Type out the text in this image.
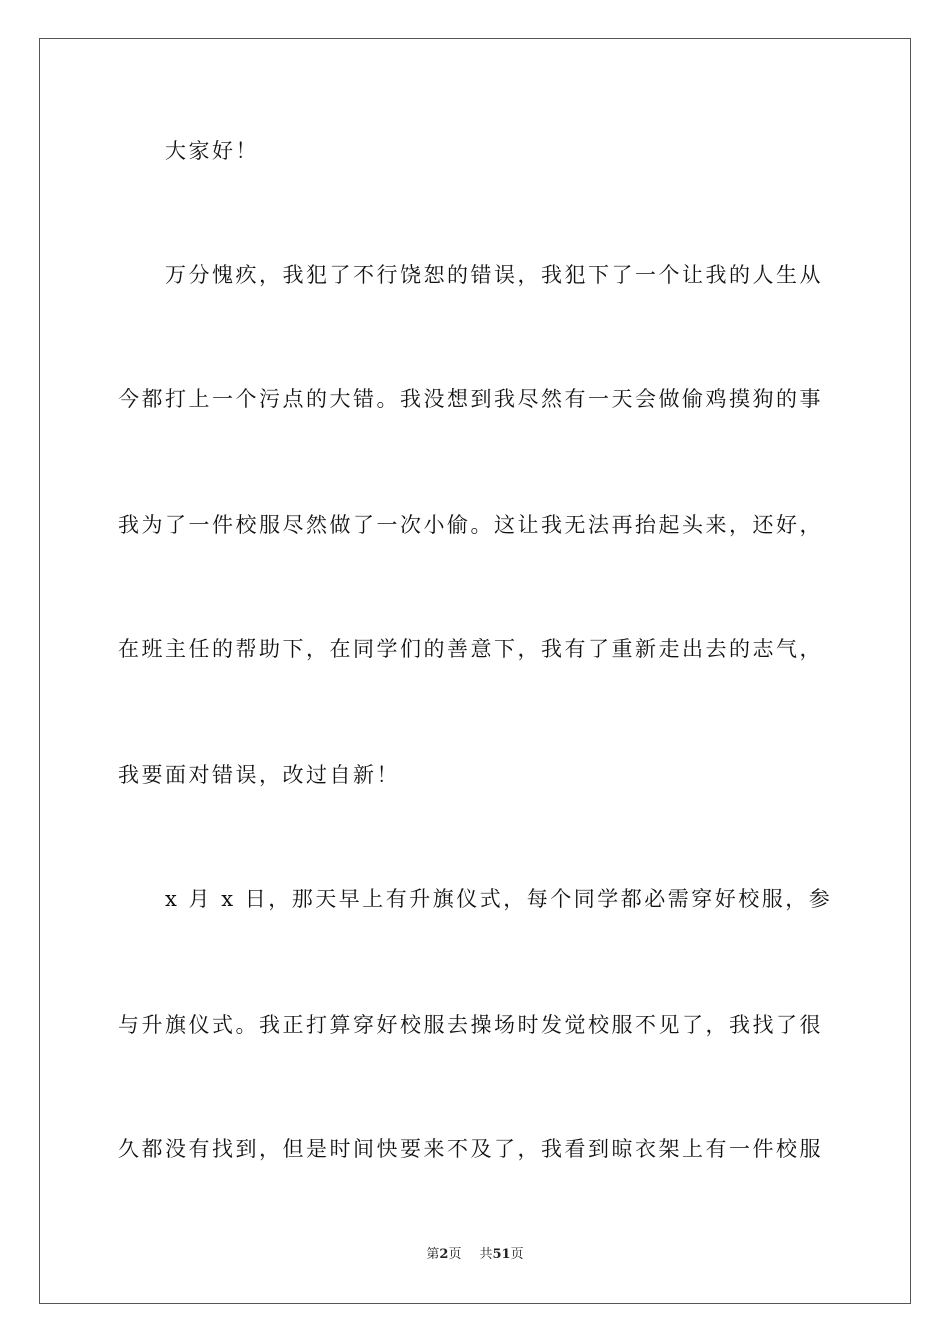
大家好！
万分愧疚，我犯了不行饶恕的错误，我犯下了一个让我的人生从
今都打上一个污点的大错。我没想到我尽然有一天会做偷鸡摸狗的事
我为了一件校服尽然做了一次小偷。这让我无法再抬起头来，还好，
在班主任的帮助下，在同学们的善意下，我有了重新走出去的志气，
我要面对错误，改过自新！
x 月 x 日，那天早上有升旗仪式，每个同学都必需穿好校服，参
与升旗仪式。我正打算穿好校服去操场时发觉校服不见了，我找了很
久都没有找到，但是时间快要来不及了，我看到晾衣架上有一件校服
第2页 共51页
